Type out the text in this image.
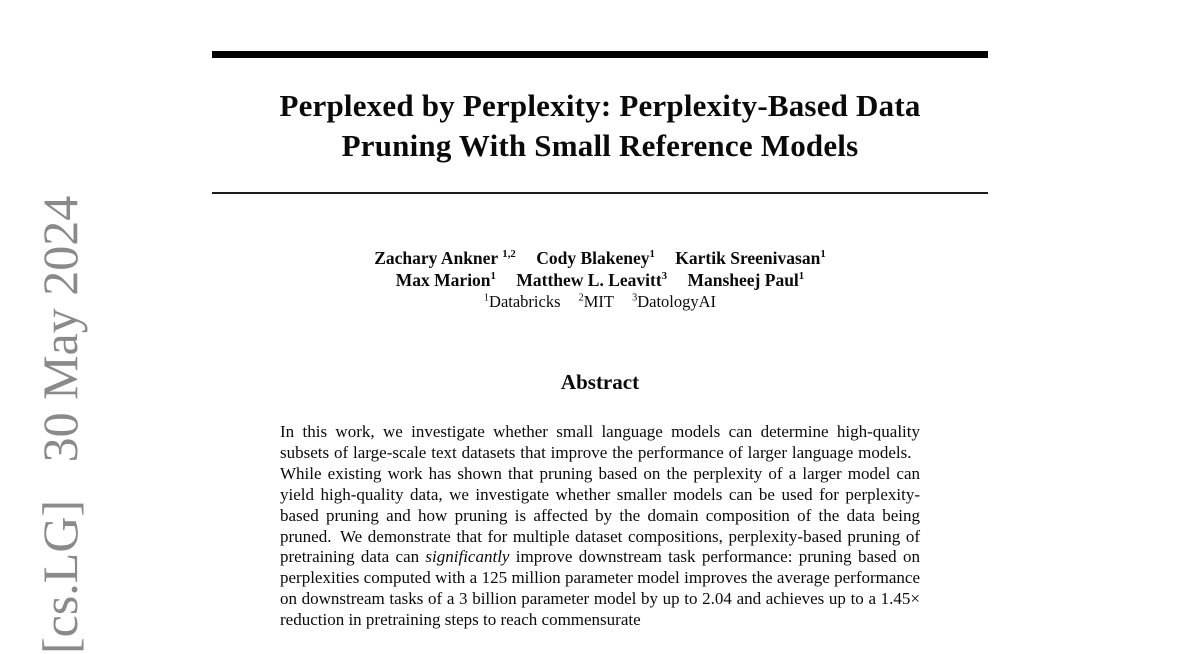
[cs.LG]  30 May 2024
Perplexed by Perplexity: Perplexity-Based Data
Pruning With Small Reference Models
Zachary Ankner $^{1,2}$ Cody Blakeney$^1$ Kartik Sreenivasan$^1$
Max Marion$^1$ Matthew L. Leavitt$^3$ Mansheej Paul$^1$
$^1$Databricks $^2$MIT $^3$DatologyAI
Abstract
In this work, we investigate whether small language models can determine high-quality subsets of large-scale text datasets that improve the performance of larger language models. While existing work has shown that pruning based on the perplexity of a larger model can yield high-quality data, we investigate whether smaller models can be used for perplexity-based pruning and how pruning is affected by the domain composition of the data being pruned. We demonstrate that for multiple dataset compositions, perplexity-based pruning of pretraining data can significantly improve downstream task performance: pruning based on perplexities computed with a 125 million parameter model improves the average performance on downstream tasks of a 3 billion parameter model by up to 2.04 and achieves up to a 1.45× reduction in pretraining steps to reach commensurate
